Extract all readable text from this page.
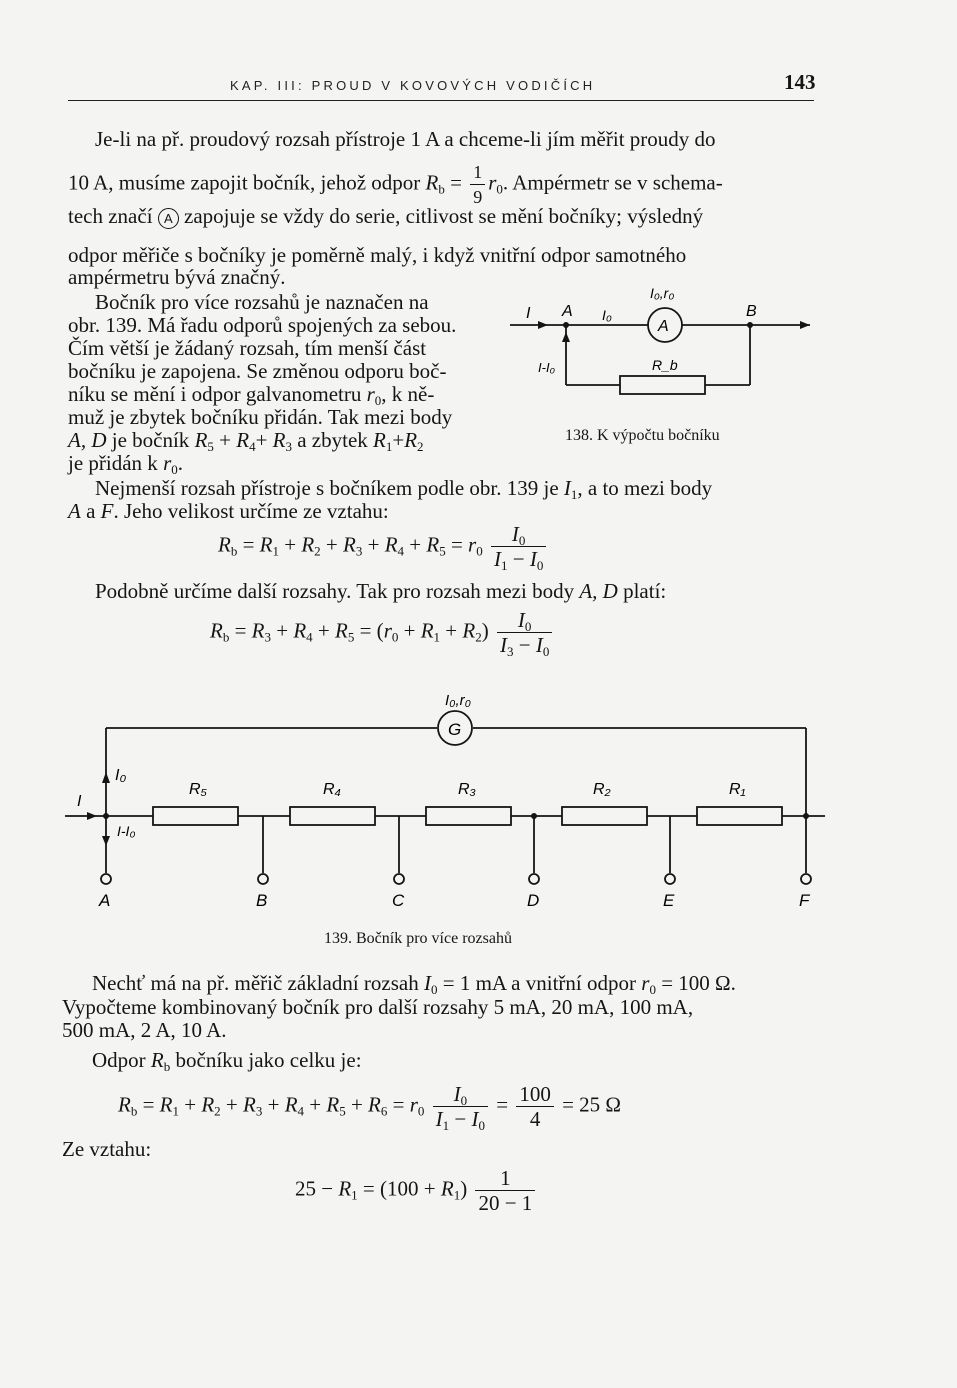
KAP. III: PROUD V KOVOVÝCH VODIČÍCH	143
Je-li na př. proudový rozsah přístroje 1 A a chceme-li jím měřit proudy do
10 A, musíme zapojit bočník, jehož odpor $R_b = \frac{1}{9} r_0$. Ampérmetr se v schema-
tech značí A zapojuje se vždy do serie, citlivost se mění bočníky; výsledný
odpor měřiče s bočníky je poměrně malý, i když vnitřní odpor samotného
ampérmetru bývá značný.
Bočník pro více rozsahů je naznačen na
obr. 139. Má řadu odporů spojených za sebou.
Čím větší je žádaný rozsah, tím menší část
bočníku je zapojena. Se změnou odporu boč-
níku se mění i odpor galvanometru $r_0$, k ně-
muž je zbytek bočníku přidán. Tak mezi body
A, D je bočník $R_5 + R_4+ R_3$ a zbytek $R_1+R_2$
je přidán k $r_0$.
I A I₀
I₀,r₀
A
B
I-I₀	R_b
138. K výpočtu bočníku
Nejmenší rozsah přístroje s bočníkem podle obr. 139 je $I_1$, a to mezi body
A a F. Jeho velikost určíme ze vztahu:
$R_b = R_1 + R_2 + R_3 + R_4 + R_5 = r_0 \frac{I_0}{I_1 - I_0}$
Podobně určíme další rozsahy. Tak pro rozsah mezi body A, D platí:
$R_b = R_3 + R_4 + R_5 = (r_0 + R_1 + R_2) \frac{I_0}{I_3 - I_0}$
I₀,r₀
G
I₀
I
I-I₀
R₅	R₄	R₃	R₂	R₁
A	B	C	D	E	F
139. Bočník pro více rozsahů
Nechť má na př. měřič základní rozsah $I_0 = 1$ mA a vnitřní odpor $r_0 = 100$ Ω.
Vypočteme kombinovaný bočník pro další rozsahy 5 mA, 20 mA, 100 mA,
500 mA, 2 A, 10 A.
Odpor $R_b$ bočníku jako celku je:
$R_b = R_1 + R_2 + R_3 + R_4 + R_5 + R_6 = r_0 \frac{I_0}{I_1 - I_0} = \frac{100}{4} = 25$ Ω
Ze vztahu:
$25 - R_1 = (100 + R_1) \frac{1}{20 - 1}$
